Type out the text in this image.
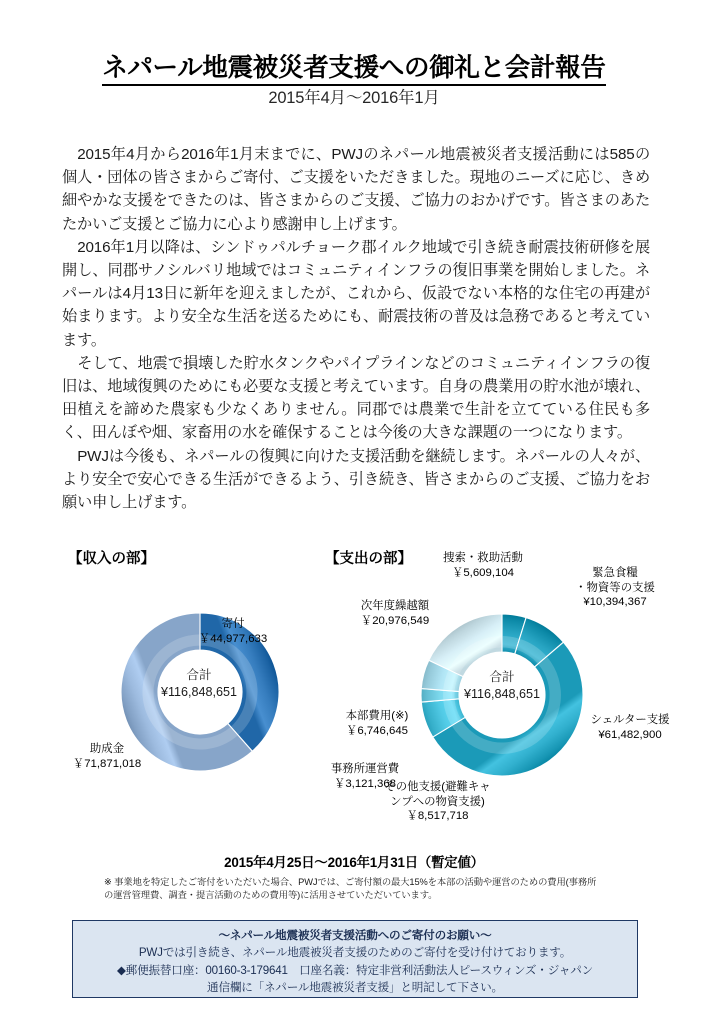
ネパール地震被災者支援への御礼と会計報告
2015年4月～2016年1月

2015年4月から2016年1月末までに、PWJのネパール地震被災者支援活動には585の個人・団体の皆さまからご寄付、ご支援をいただきました。現地のニーズに応じ、きめ細やかな支援をできたのは、皆さまからのご支援、ご協力のおかげです。皆さまのあたたかいご支援とご協力に心より感謝申し上げます。

2016年1月以降は、シンドゥパルチョーク郡イルク地域で引き続き耐震技術研修を展開し、同郡サノシルバリ地域ではコミュニティインフラの復旧事業を開始しました。ネパールは4月13日に新年を迎えましたが、これから、仮設でない本格的な住宅の再建が始まります。より安全な生活を送るためにも、耐震技術の普及は急務であると考えています。

そして、地震で損壊した貯水タンクやパイプラインなどのコミュニティインフラの復旧は、地域復興のためにも必要な支援と考えています。自身の農業用の貯水池が壊れ、田植えを諦めた農家も少なくありません。同郡では農業で生計を立てている住民も多く、田んぼや畑、家畜用の水を確保することは今後の大きな課題の一つになります。

PWJは今後も、ネパールの復興に向けた支援活動を継続します。ネパールの人々が、より安全で安心できる生活ができるよう、引き続き、皆さまからのご支援、ご協力をお願い申し上げます。

【収入の部】	【支出の部】
合計
¥116,848,651
寄付
￥44,977,633
助成金
￥71,871,018
合計
¥116,848,651
捜索・救助活動
￥5,609,104	緊急食糧
・物資等の支援
¥10,394,367
シェルター支援
¥61,482,900
その他支援(避難キャ
ンプへの物資支援)
￥8,517,718
事務所運営費
￥3,121,368
本部費用(※)
￥6,746,645
次年度繰越額
￥20,976,549
2015年4月25日～2016年1月31日（暫定値）
※ 事業地を特定したご寄付をいただいた場合、PWJでは、ご寄付額の最大15%を本部の活動や運営のための費用(事務所の運営管理費、調査・提言活動のための費用等)に活用させていただいています。
～ネパール地震被災者支援活動へのご寄付のお願い～
PWJでは引き続き、ネパール地震被災者支援のためのご寄付を受け付けております。
◆郵便振替口座：00160-3-179641　口座名義：特定非営利活動法人ピースウィンズ・ジャパン
通信欄に「ネパール地震被災者支援」と明記して下さい。
